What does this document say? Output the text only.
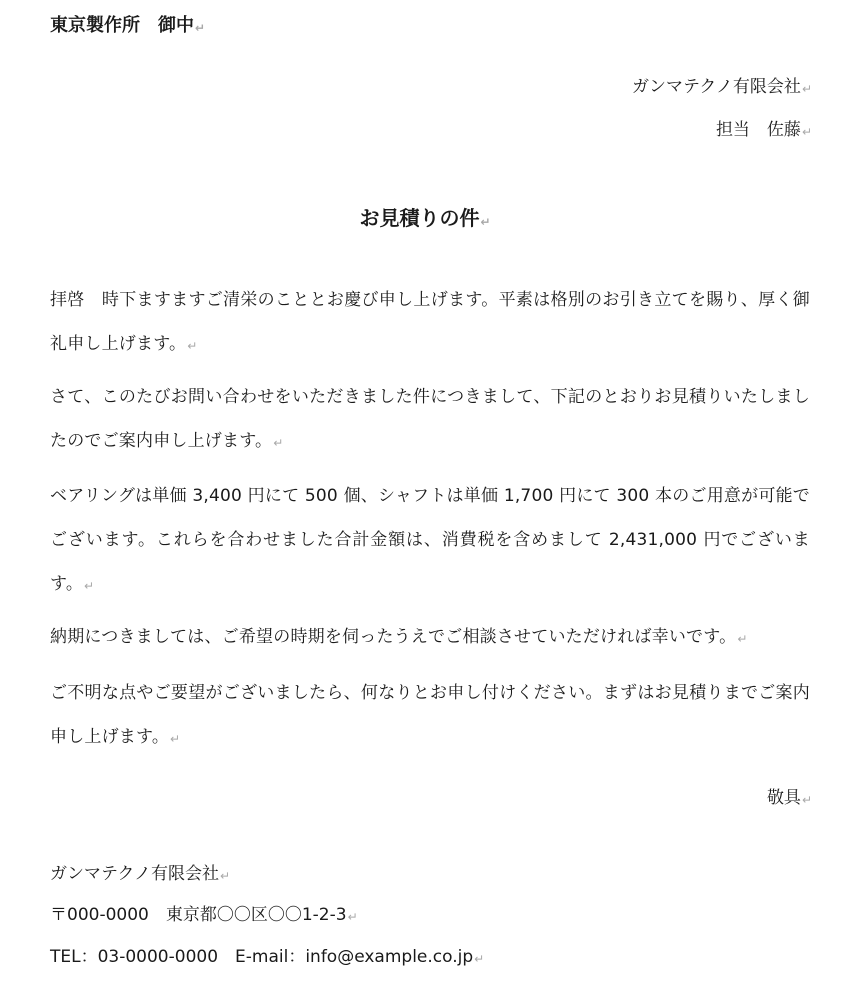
東京製作所　御中↵
ガンマテクノ有限会社↵
担当　佐藤↵
お見積りの件↵
拝啓　時下ますますご清栄のこととお慶び申し上げます。平素は格別のお引き立てを賜り、厚く御礼申し上げます。↵
さて、このたびお問い合わせをいただきました件につきまして、下記のとおりお見積りいたしましたのでご案内申し上げます。↵
ベアリングは単価 3,400 円にて 500 個、シャフトは単価 1,700 円にて 300 本のご用意が可能でございます。これらを合わせました合計金額は、消費税を含めまして 2,431,000 円でございます。↵
納期につきましては、ご希望の時期を伺ったうえでご相談させていただければ幸いです。↵
ご不明な点やご要望がございましたら、何なりとお申し付けください。まずはお見積りまでご案内申し上げます。↵
敬具↵
ガンマテクノ有限会社↵
〒000-0000　東京都〇〇区〇〇1-2-3↵
TEL：03-0000-0000　E-mail：info@example.co.jp↵
